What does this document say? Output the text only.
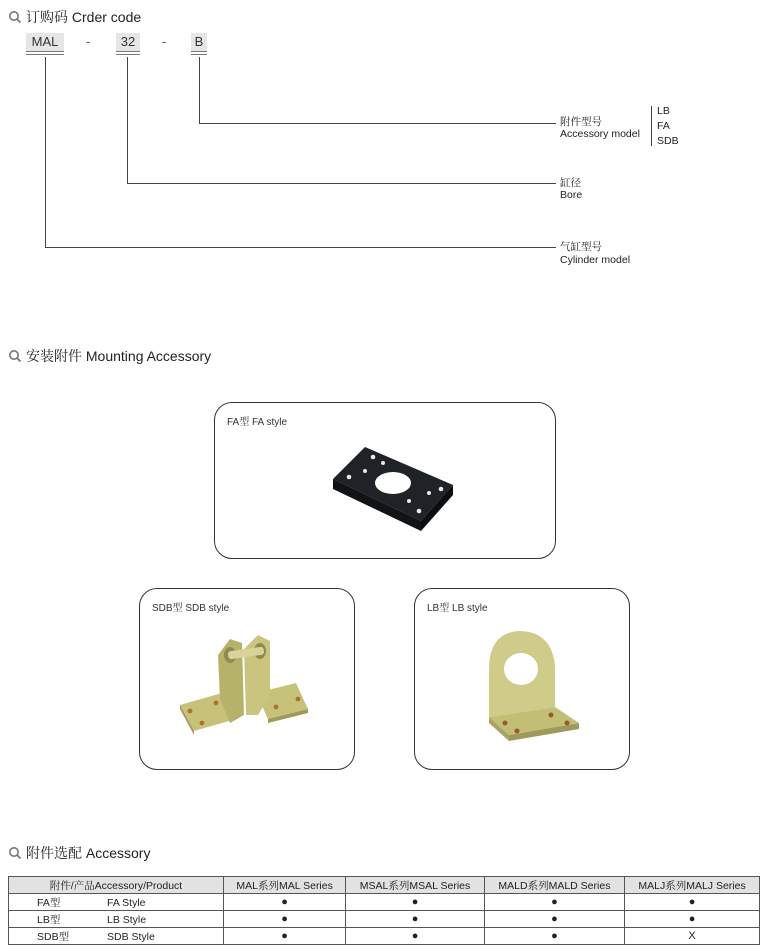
订购码 Crder code
MAL	-	32	- B
附件型号
Accessory model
LB
FA
SDB
缸径
Bore
气缸型号
Cylinder model
安装附件 Mounting Accessory
FA型 FA style
SDB型 SDB style	LB型 LB style
附件选配 Accessory
附件/产品Accessory/Product	MAL系列MAL Series	MSAL系列MSAL Series	MALD系列MALD Series	MALJ系列MALJ Series
FA型 FA Style	●	●	●	●
LB型 LB Style	●	●	●	●
SDB型 SDB Style	●	●	●	X
